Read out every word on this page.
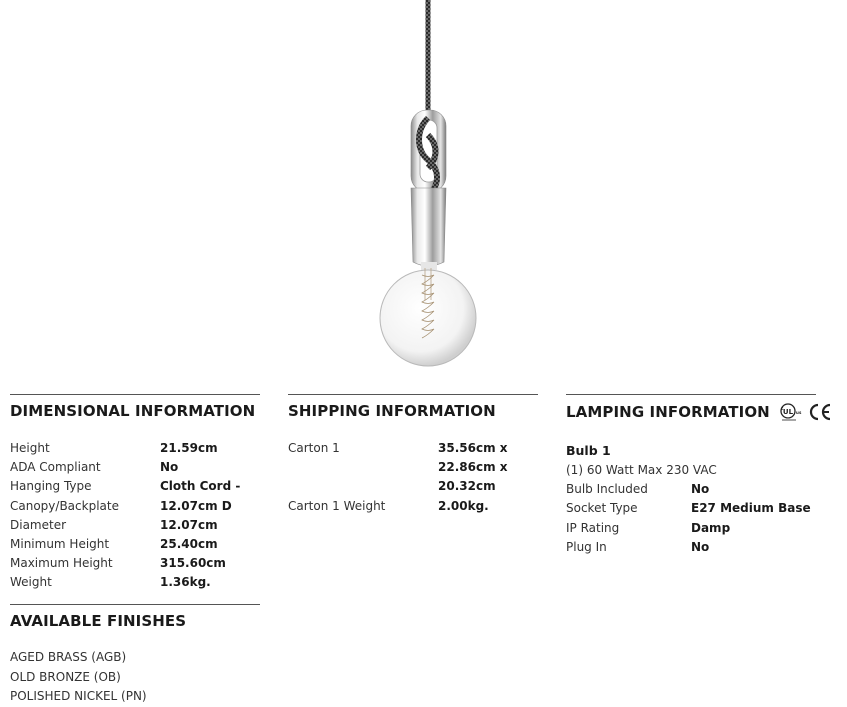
DIMENSIONAL INFORMATION
Height	21.59cm
ADA Compliant	No
Hanging Type	Cloth Cord -
Canopy/Backplate	12.07cm D
Diameter	12.07cm
Minimum Height	25.40cm
Maximum Height	315.60cm
Weight	1.36kg.
SHIPPING INFORMATION
Carton 1	35.56cm x 22.86cm x 20.32cm
Carton 1 Weight	2.00kg.
LAMPING INFORMATION UL
c
us
Bulb 1
(1) 60 Watt Max 230 VAC
Bulb Included	No
Socket Type	E27 Medium Base
IP Rating	Damp
Plug In	No
AVAILABLE FINISHES
AGED BRASS (AGB)
OLD BRONZE (OB)
POLISHED NICKEL (PN)
